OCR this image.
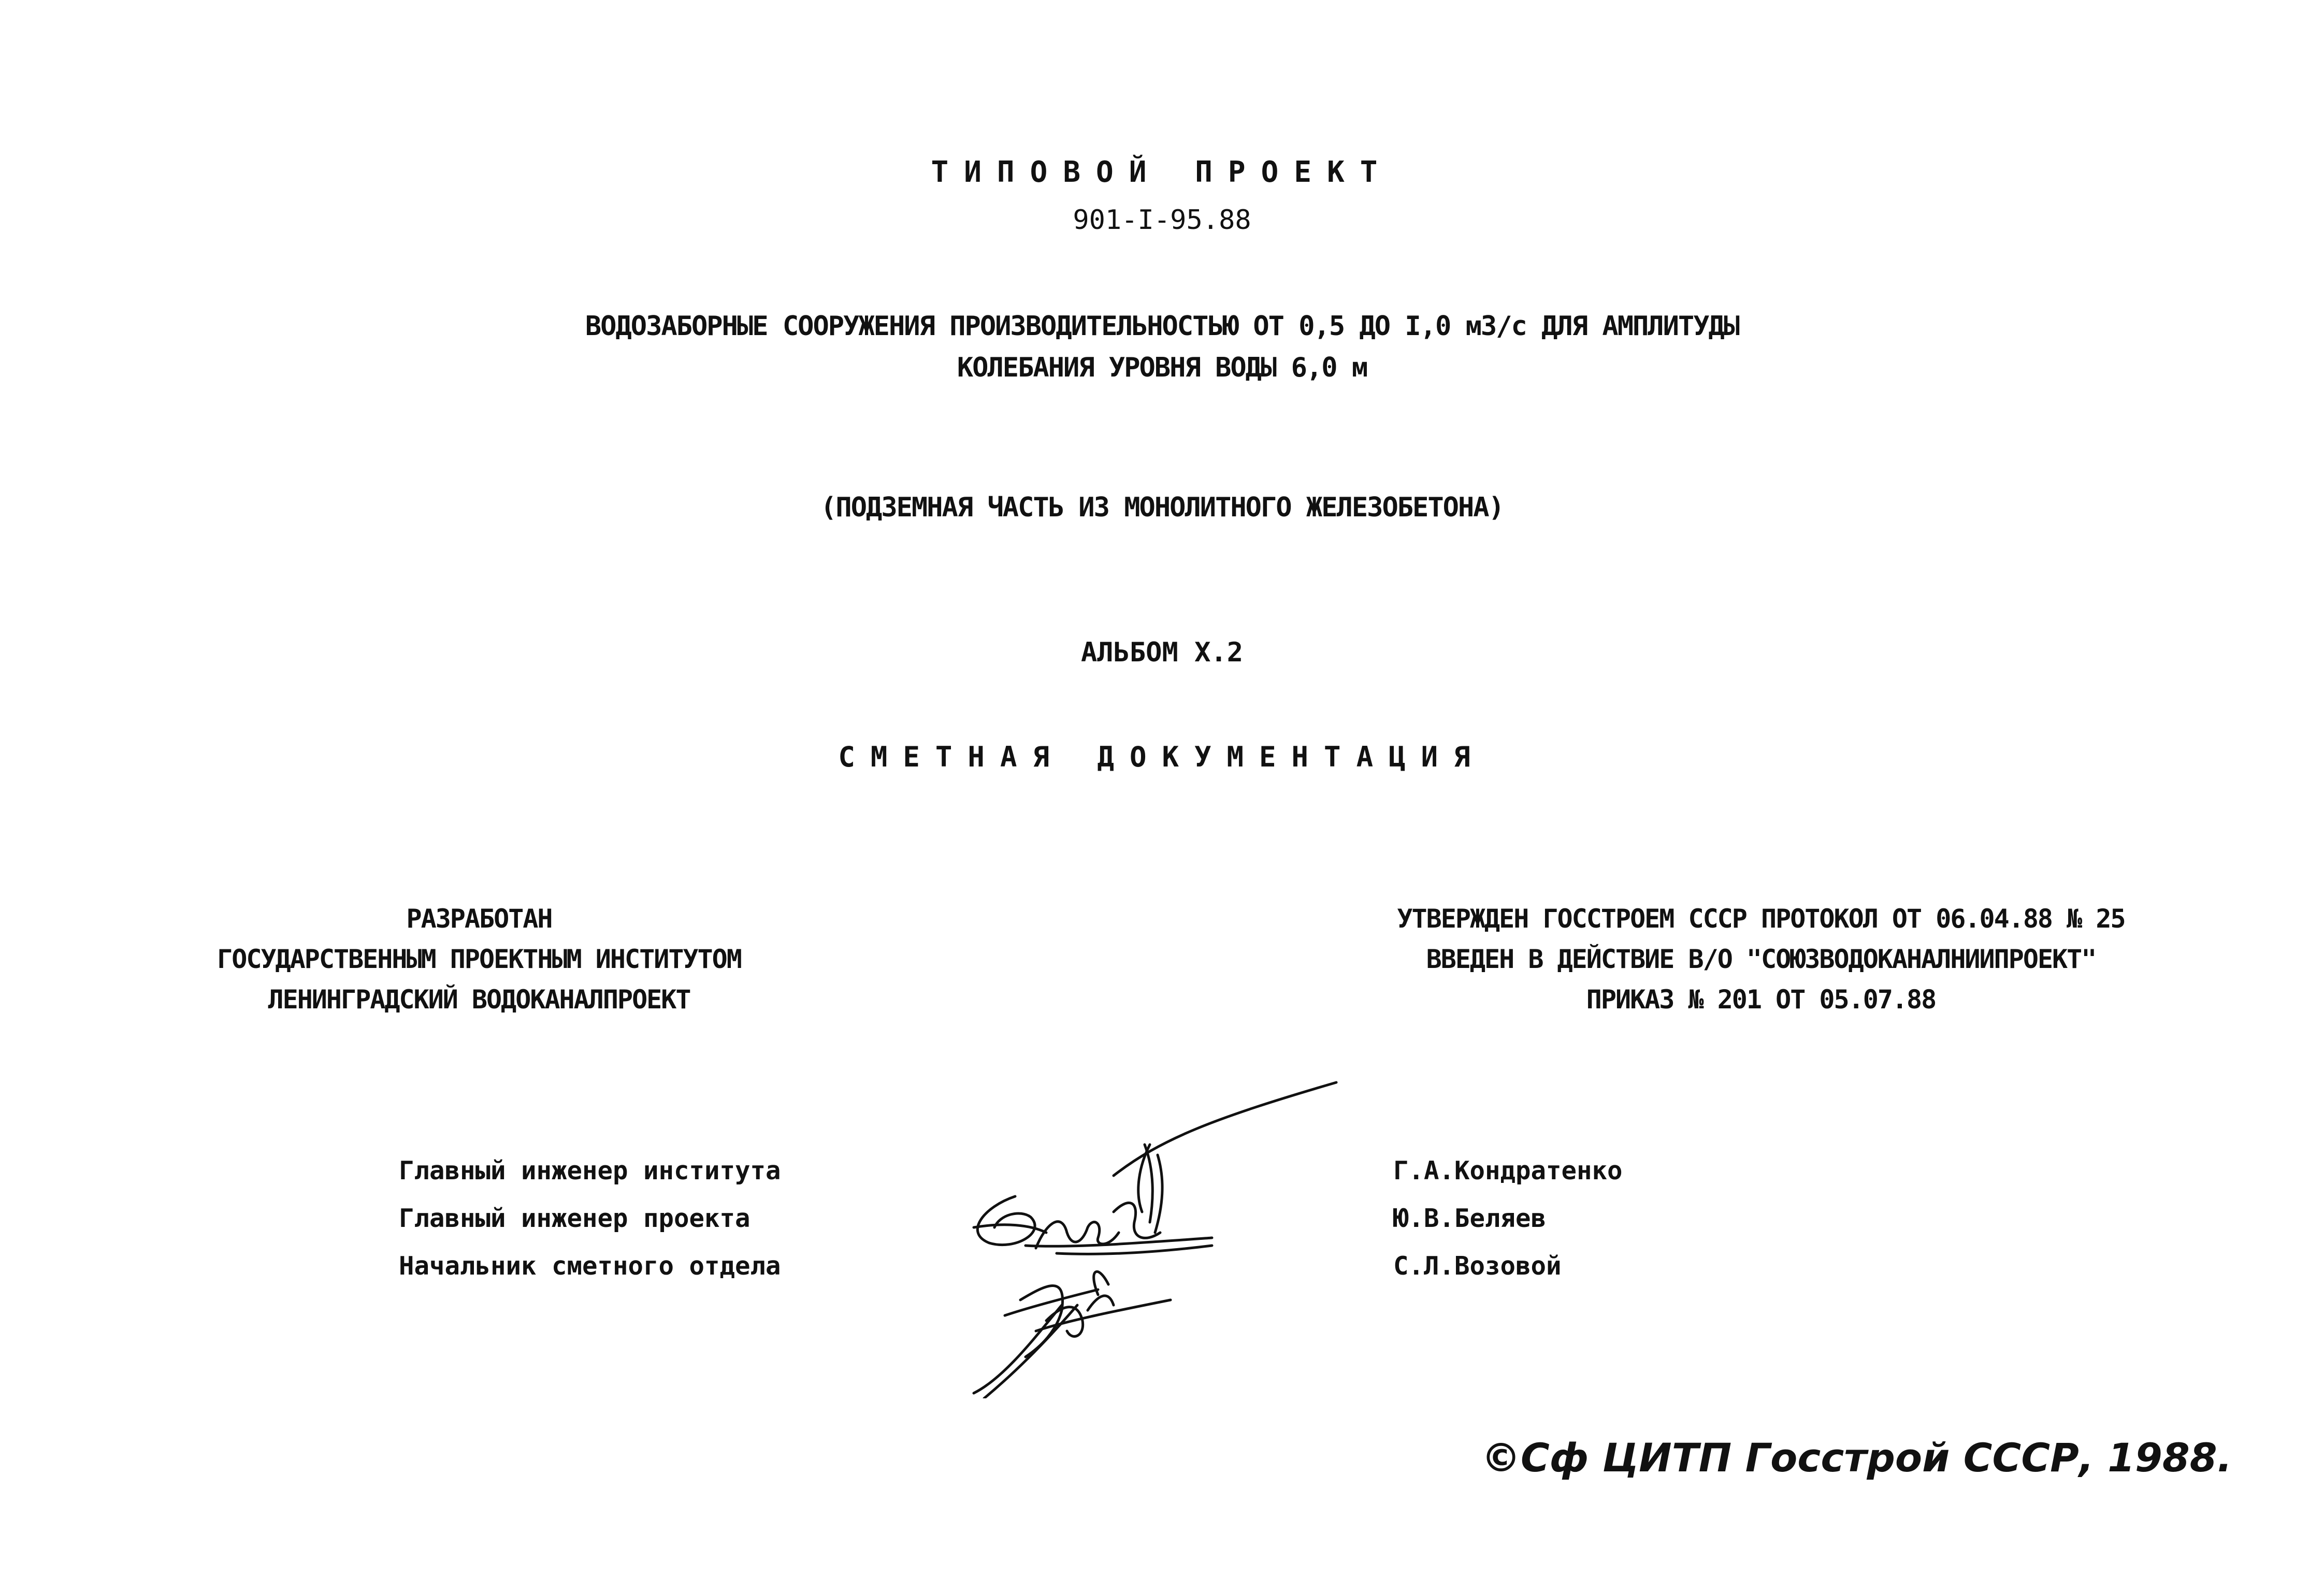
ТИПОВОЙ ПРОЕКТ
901-I-95.88
ВОДОЗАБОРНЫЕ СООРУЖЕНИЯ ПРОИЗВОДИТЕЛЬНОСТЬЮ ОТ 0,5 ДО I,0 м3/с ДЛЯ АМПЛИТУДЫ
КОЛЕБАНИЯ УРОВНЯ ВОДЫ 6,0 м
(ПОДЗЕМНАЯ ЧАСТЬ ИЗ МОНОЛИТНОГО ЖЕЛЕЗОБЕТОНА)
АЛЬБОМ Х.2
СМЕТНАЯ ДОКУМЕНТАЦИЯ
РАЗРАБОТАН
ГОСУДАРСТВЕННЫМ ПРОЕКТНЫМ ИНСТИТУТОМ
ЛЕНИНГРАДСКИЙ ВОДОКАНАЛПРОЕКТ
УТВЕРЖДЕН ГОССТРОЕМ СССР ПРОТОКОЛ ОТ 06.04.88 № 25
ВВЕДЕН В ДЕЙСТВИЕ В/О "СОЮЗВОДОКАНАЛНИИПРОЕКТ"
ПРИКАЗ № 201 ОТ 05.07.88
Главный инженер института
Главный инженер проекта
Начальник сметного отдела
Г.А.Кондратенко
Ю.В.Беляев
С.Л.Возовой
©Сф ЦИТП Госстрой СССР, 1988.
